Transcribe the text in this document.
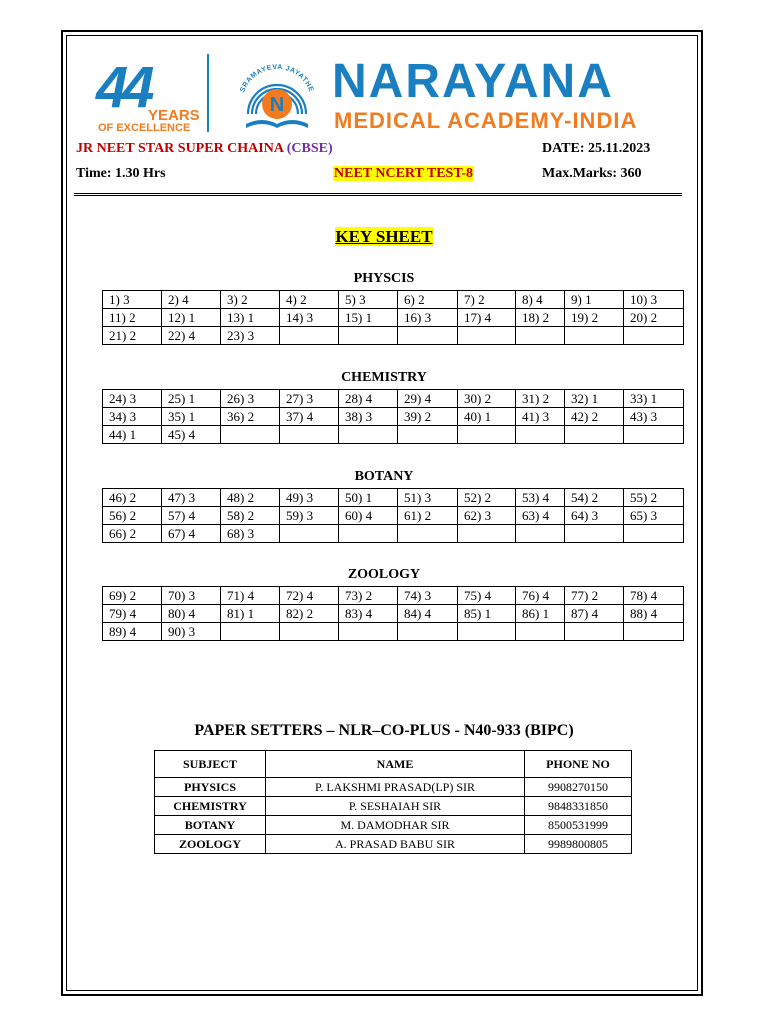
44 YEARS
OF EXCELLENCE
SRAMAYEVA JAYATHE
N NARAYANA
MEDICAL ACADEMY-INDIA
JR NEET STAR SUPER CHAINA (CBSE)	DATE: 25.11.2023
Time: 1.30 Hrs	NEET NCERT TEST-8	Max.Marks: 360
KEY SHEET
PHYSCIS
1) 3	2) 4	3) 2	4) 2	5) 3	6) 2	7) 2	8) 4	9) 1	10) 3
11) 2	12) 1	13) 1	14) 3	15) 1	16) 3	17) 4	18) 2	19) 2	20) 2
21) 2	22) 4	23) 3							
CHEMISTRY
24) 3	25) 1	26) 3	27) 3	28) 4	29) 4	30) 2	31) 2	32) 1	33) 1
34) 3	35) 1	36) 2	37) 4	38) 3	39) 2	40) 1	41) 3	42) 2	43) 3
44) 1	45) 4								
BOTANY
46) 2	47) 3	48) 2	49) 3	50) 1	51) 3	52) 2	53) 4	54) 2	55) 2
56) 2	57) 4	58) 2	59) 3	60) 4	61) 2	62) 3	63) 4	64) 3	65) 3
66) 2	67) 4	68) 3							
ZOOLOGY
69) 2	70) 3	71) 4	72) 4	73) 2	74) 3	75) 4	76) 4	77) 2	78) 4
79) 4	80) 4	81) 1	82) 2	83) 4	84) 4	85) 1	86) 1	87) 4	88) 4
89) 4	90) 3								
PAPER SETTERS – NLR–CO-PLUS - N40-933 (BIPC)
SUBJECT	NAME	PHONE NO
PHYSICS	P. LAKSHMI PRASAD(LP) SIR	9908270150
CHEMISTRY	P. SESHAIAH SIR	9848331850
BOTANY	M. DAMODHAR SIR	8500531999
ZOOLOGY	A. PRASAD BABU SIR	9989800805
